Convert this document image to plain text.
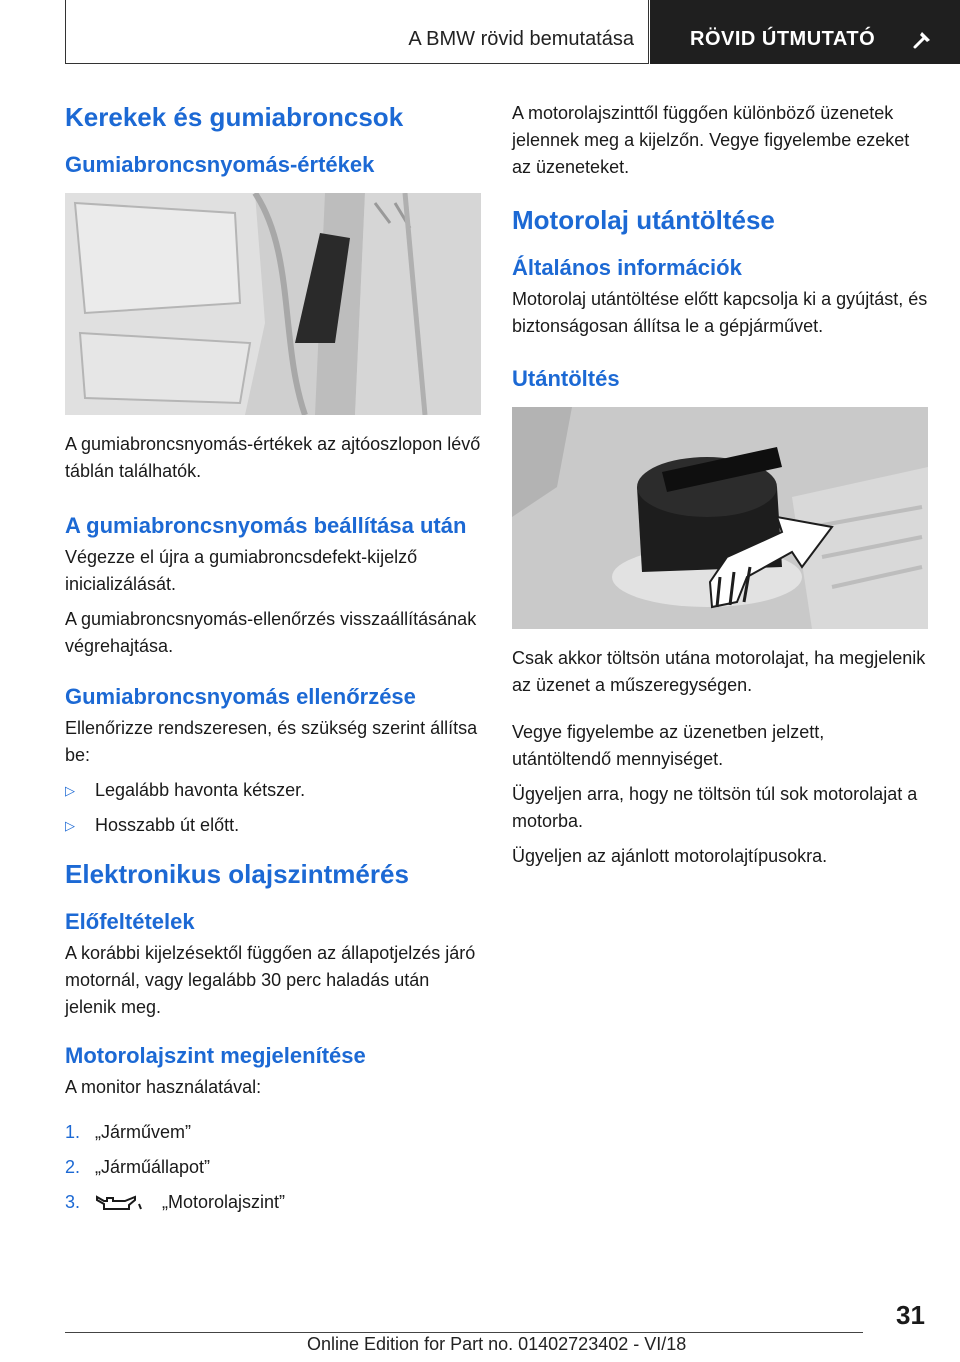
A BMW rövid bemutatása	RÖVID ÚTMUTATÓ
Kerekek és gumiabroncsok
Gumiabroncsnyomás-értékek

A gumiabroncsnyomás-értékek az ajtóoszlopon lévő táblán találhatók.

A gumiabroncsnyomás beállítása után

Végezze el újra a gumiabroncsdefekt-kijelző inicializálását.

A gumiabroncsnyomás-ellenőrzés visszaállításának végrehajtása.

Gumiabroncsnyomás ellenőrzése

Ellenőrizze rendszeresen, és szükség szerint állítsa be:

▷ Legalább havonta kétszer.
▷ Hosszabb út előtt.
Elektronikus olajszintmérés
Előfeltételek

A korábbi kijelzésektől függően az állapotjelzés járó motornál, vagy legalább 30 perc haladás után jelenik meg.

Motorolajszint megjelenítése

A monitor használatával:

1. „Járművem”
2. „Járműállapot”
3.	„Motorolajszint”

A motorolajszinttől függően különböző üzenetek jelennek meg a kijelzőn. Vegye figyelembe ezeket az üzeneteket.

Motorolaj utántöltése
Általános információk

Motorolaj utántöltése előtt kapcsolja ki a gyújtást, és biztonságosan állítsa le a gépjárművet.

Utántöltés

Csak akkor töltsön utána motorolajat, ha megjelenik az üzenet a műszeregységen.

Vegye figyelembe az üzenetben jelzett, utántöltendő mennyiséget.

Ügyeljen arra, hogy ne töltsön túl sok motorolajat a motorba.

Ügyeljen az ajánlott motorolajtípusokra.

31
Online Edition for Part no. 01402723402 - VI/18
